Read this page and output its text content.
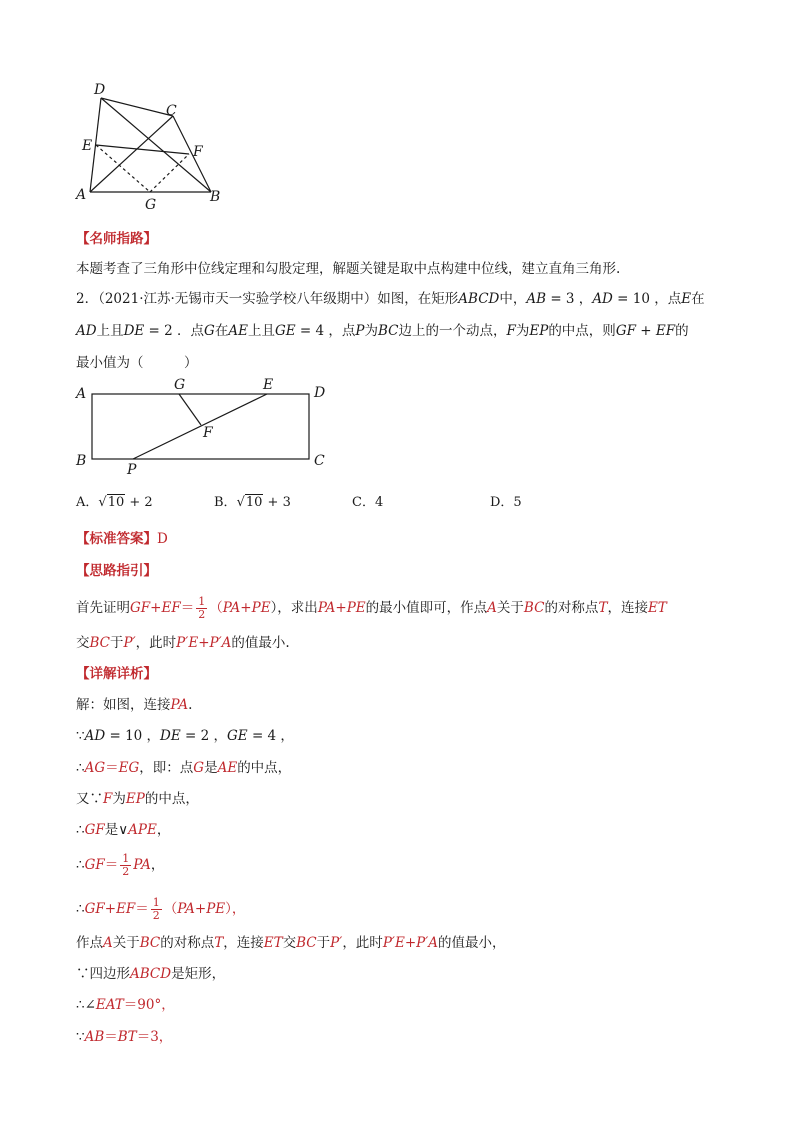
D
C
E	F
A
G	B
【名师指路】
本题考查了三角形中位线定理和勾股定理，解题关键是取中点构建中位线，建立直角三角形.
2．（2021·江苏·无锡市天一实验学校八年级期中）如图，在矩形ABCD中，AB = 3 ，AD = 10 ，点E在
AD上且DE = 2 ．点G在AE上且GE = 4 ，点P为BC边上的一个动点，F为EP的中点，则GF + EF的
最小值为（　　　）
A
G	E	D
F
B
P
C
A．√10 + 2	B．√10 + 3	C．4	D．5
【标准答案】D
【思路指引】
首先证明$GF+EF= \frac{1}{2} (PA+PE)$，求出PA+PE的最小值即可，作点A关于BC的对称点T，连接ET
交BC于P′，此时P′E+P′A的值最小.
【详解详析】
解：如图，连接PA.
∵AD = 10 ，DE = 2 ，GE = 4 ，
∴AG＝EG，即：点G是AE的中点，
又∵F为EP的中点，
∴GF是∨APE，
∴GF＝ $\frac{1}{2}$ PA，
∴GF+EF＝ $\frac{1}{2} (PA+PE)$，
作点A关于BC的对称点T，连接ET交BC于P′，此时P′E+P′A的值最小，
∵四边形ABCD是矩形，
∴∠EAT＝90°，
∵AB＝BT＝3，
